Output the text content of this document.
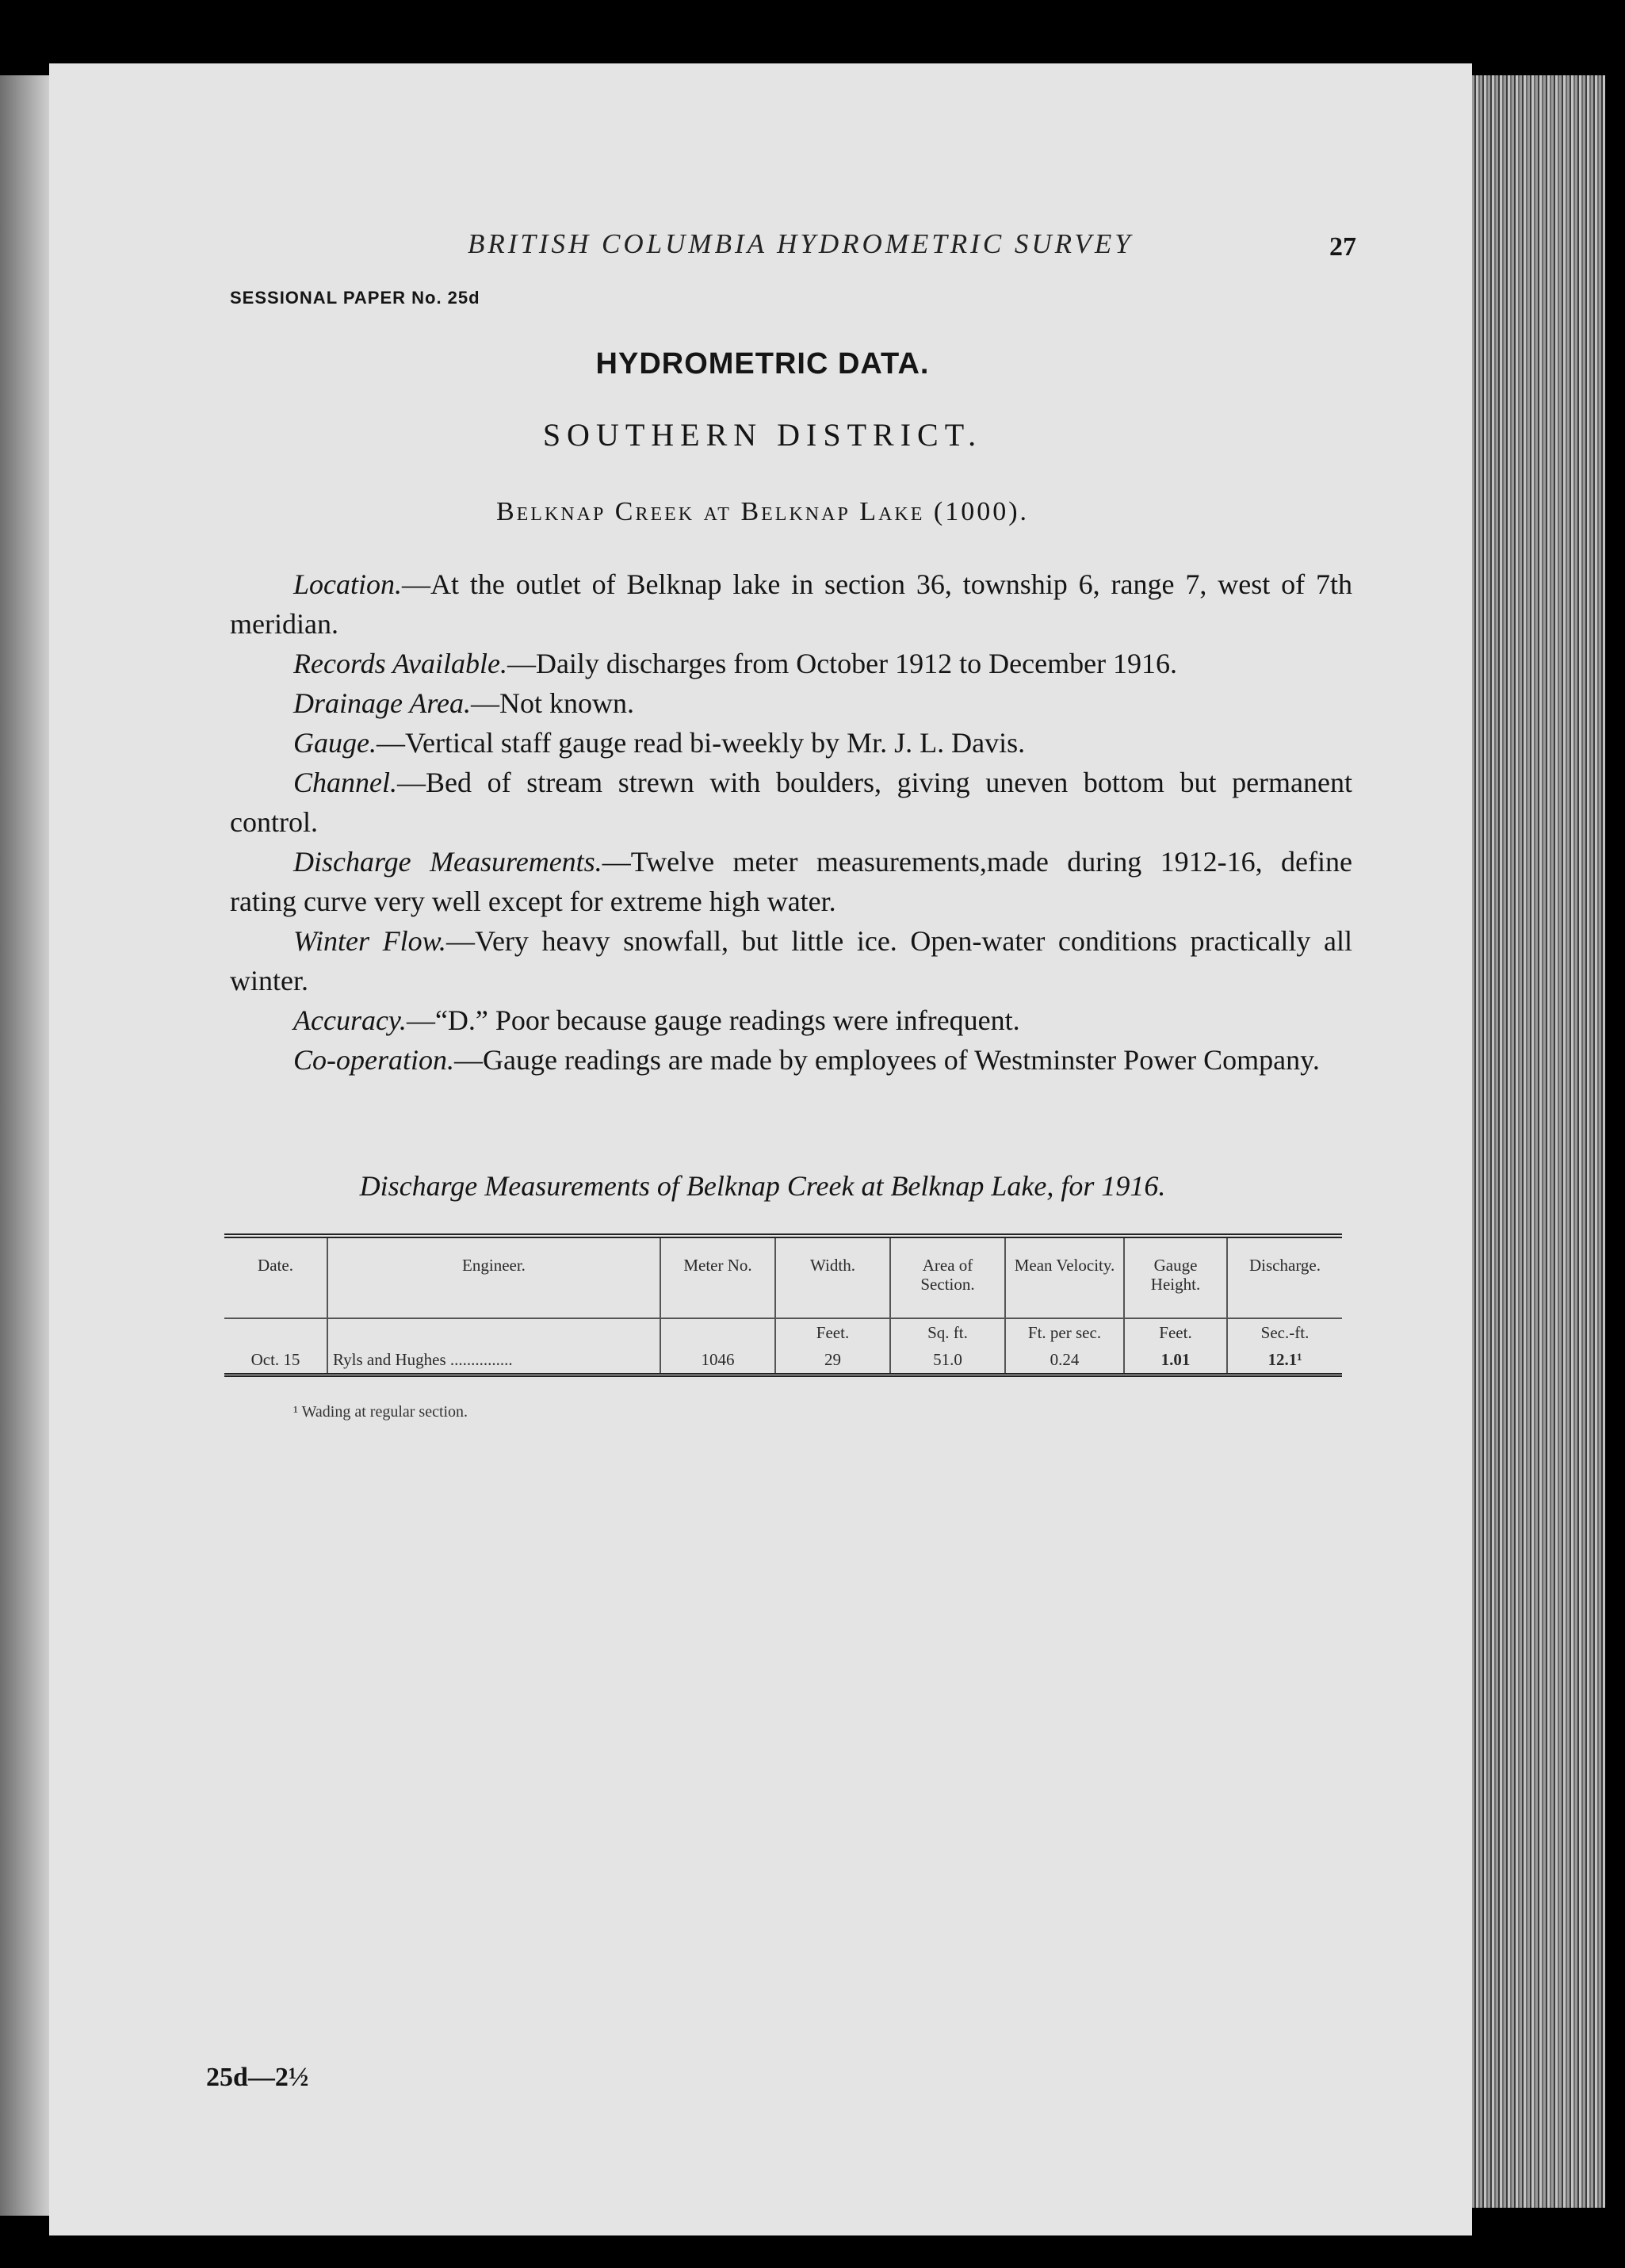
BRITISH COLUMBIA HYDROMETRIC SURVEY	27
SESSIONAL PAPER No. 25d
HYDROMETRIC DATA.
SOUTHERN DISTRICT.
Belknap Creek at Belknap Lake (1000).

Location.—At the outlet of Belknap lake in section 36, township 6, range 7, west of 7th meridian.

Records Available.—Daily discharges from October 1912 to December 1916.

Drainage Area.—Not known.

Gauge.—Vertical staff gauge read bi-weekly by Mr. J. L. Davis.

Channel.—Bed of stream strewn with boulders, giving uneven bottom but permanent control.

Discharge Measurements.—Twelve meter measurements,made during 1912-16, define rating curve very well except for extreme high water.

Winter Flow.—Very heavy snowfall, but little ice. Open-water conditions practically all winter.

Accuracy.—“D.” Poor because gauge readings were infrequent.

Co-operation.—Gauge readings are made by employees of Westminster Power Company.

Discharge Measurements of Belknap Creek at Belknap Lake, for 1916.
Date.	Engineer.	Meter No.	Width.	Area of Section.	Mean Velocity.	Gauge Height.	Discharge.
			Feet.	Sq. ft.	Ft. per sec.	Feet.	Sec.-ft.
Oct. 15	Ryls and Hughes ...............	1046	29	51.0	0.24	1.01	12.1¹
¹ Wading at regular section.
25d—2½
